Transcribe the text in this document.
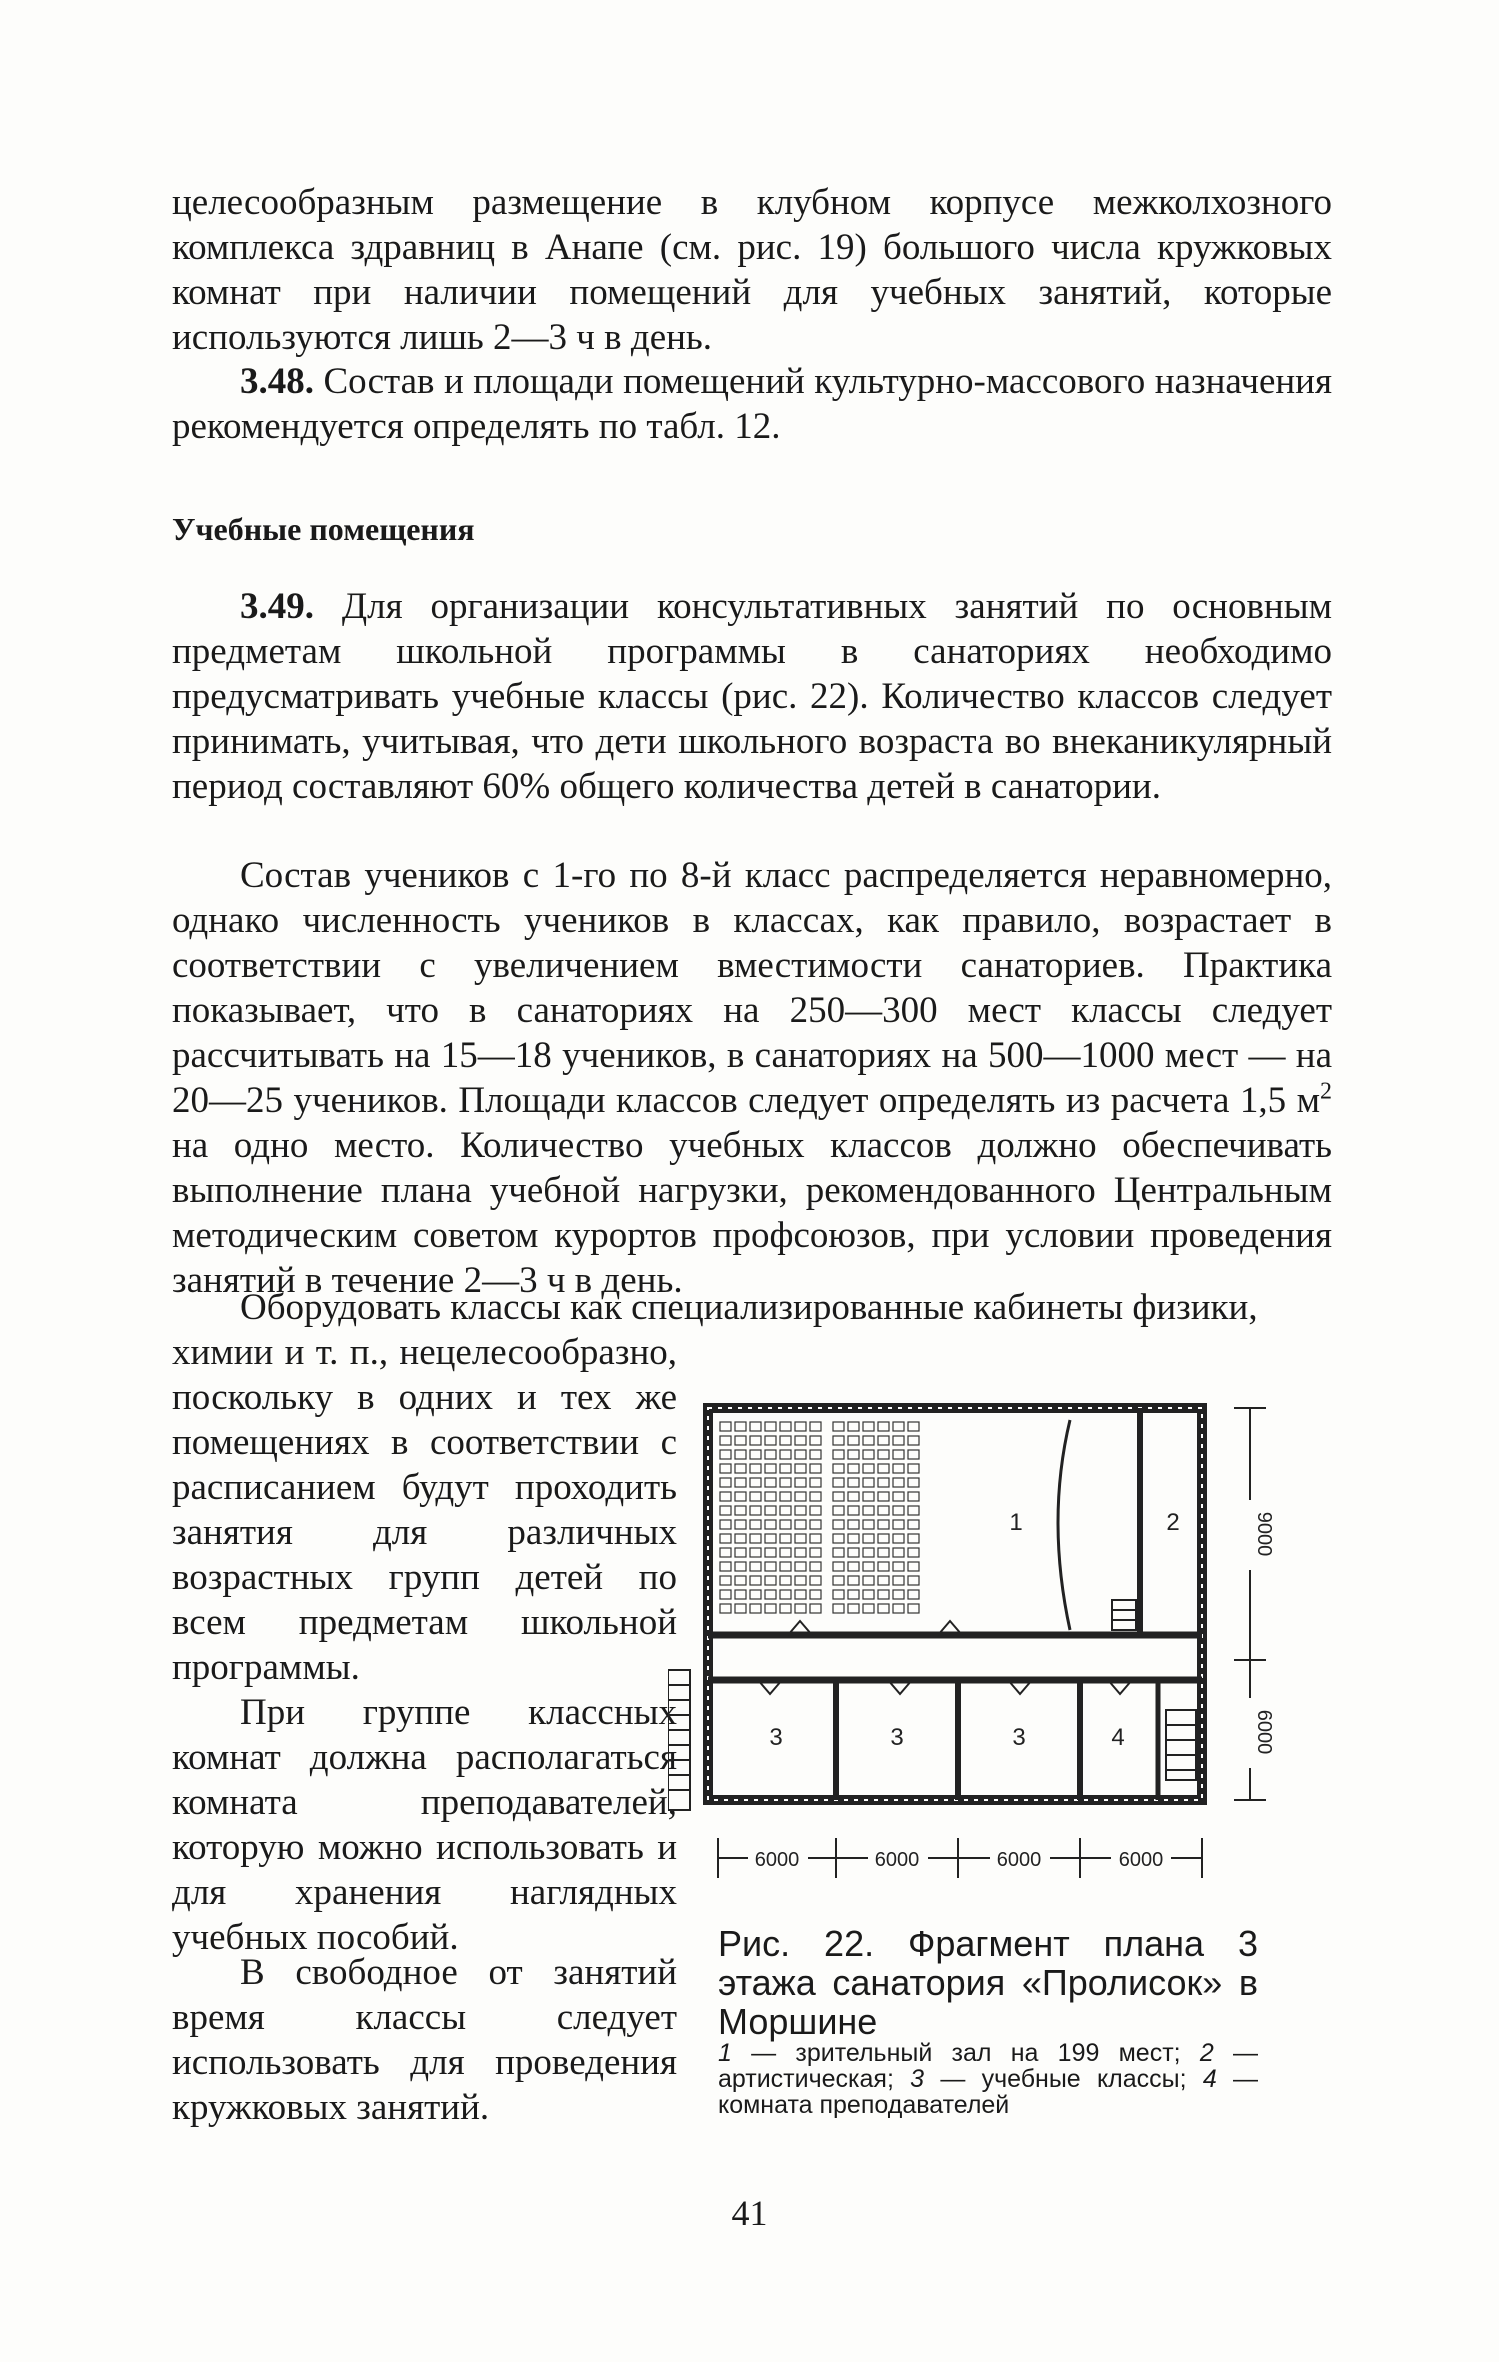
целесообразным размещение в клубном корпусе межколхозного комплекса здравниц в Анапе (см. рис. 19) большого числа кружковых комнат при наличии помещений для учебных занятий, которые используются лишь 2—3 ч в день.

3.48. Состав и площади помещений культурно-массового назначения рекомендуется определять по табл. 12.

Учебные помещения

3.49. Для организации консультативных занятий по основным предметам школьной программы в санаториях необходимо предусматривать учебные классы (рис. 22). Количество классов следует принимать, учитывая, что дети школьного возраста во внеканикулярный период составляют 60% общего количества детей в санатории.

Состав учеников с 1-го по 8-й класс распределяется неравномерно, однако численность учеников в классах, как правило, возрастает в соответствии с увеличением вместимости санаториев. Практика показывает, что в санаториях на 250—300 мест классы следует рассчитывать на 15—18 учеников, в санаториях на 500—1000 мест — на 20—25 учеников. Площади классов следует определять из расчета 1,5 $м^2$ на одно место. Количество учебных классов должно обеспечивать выполнение плана учебной нагрузки, рекомендованного Центральным методическим советом курортов профсоюзов, при условии проведения занятий в течение 2—3 ч в день.

Оборудовать классы как специализированные кабинеты физики,

химии и т. п., нецелесообразно, поскольку в одних и тех же помещениях в соответствии с расписанием будут проходить занятия для различных возрастных групп детей по всем предметам школьной программы.

При группе классных комнат должна располагаться комната преподавателей, которую можно использовать и для хранения наглядных учебных пособий.

В свободное от занятий время классы следует использовать для проведения кружковых занятий.

1	2
3	3	3	4
6000	6000	6000	6000
9000
6000

Рис. 22. Фрагмент плана 3 этажа санатория «Пролисок» в Моршине

1 — зрительный зал на 199 мест; 2 — артистическая; 3 — учебные классы; 4 — комната преподавателей

41
